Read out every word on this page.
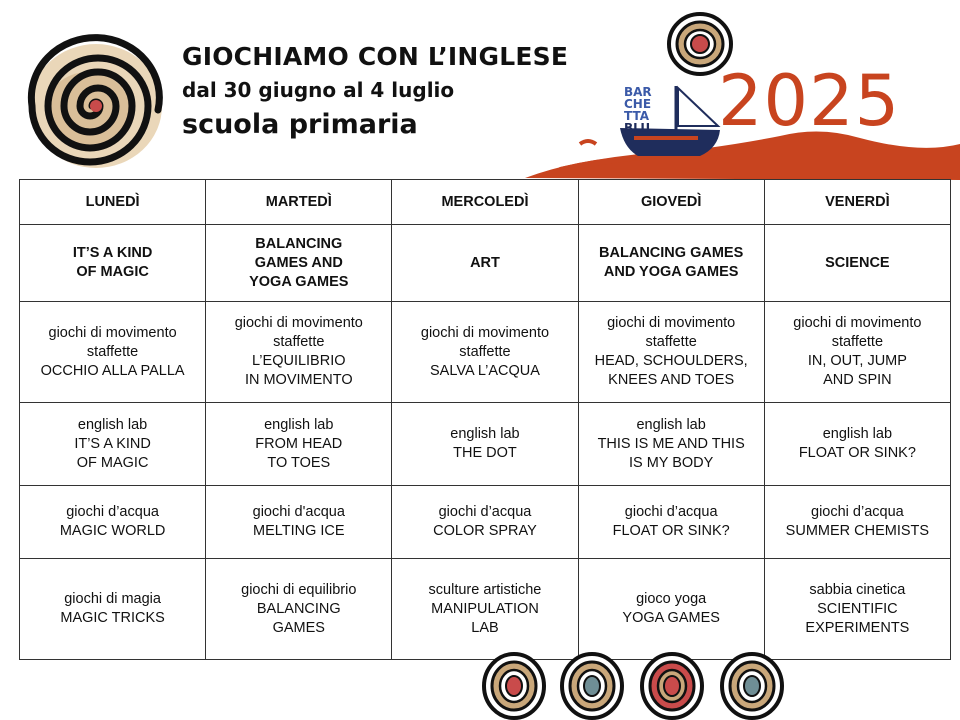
GIOCHIAMO CON L’INGLESE
dal 30 giugno al 4 luglio
scuola primaria
BAR
CHE
TTA
BLU 2025
LUNEDÌ	MARTEDÌ	MERCOLEDÌ	GIOVEDÌ	VENERDÌ
IT’S A KIND
OF MAGIC	BALANCING
GAMES AND
YOGA GAMES	ART	BALANCING GAMES
AND YOGA GAMES	SCIENCE
giochi di movimento
staffette
OCCHIO ALLA PALLA	giochi di movimento
staffette
L’EQUILIBRIO
IN MOVIMENTO	giochi di movimento
staffette
SALVA L’ACQUA	giochi di movimento
staffette
HEAD, SCHOULDERS,
KNEES AND TOES	giochi di movimento
staffette
IN, OUT, JUMP
AND SPIN
english lab
IT’S A KIND
OF MAGIC	english lab
FROM HEAD
TO TOES	english lab
THE DOT	english lab
THIS IS ME AND THIS
IS MY BODY	english lab
FLOAT OR SINK?
giochi d’acqua
MAGIC WORLD	giochi d'acqua
MELTING ICE	giochi d’acqua
COLOR SPRAY	giochi d’acqua
FLOAT OR SINK?	giochi d’acqua
SUMMER CHEMISTS
giochi di magia
MAGIC TRICKS	giochi di equilibrio
BALANCING
GAMES	sculture artistiche
MANIPULATION
LAB	gioco yoga
YOGA GAMES	sabbia cinetica
SCIENTIFIC
EXPERIMENTS
